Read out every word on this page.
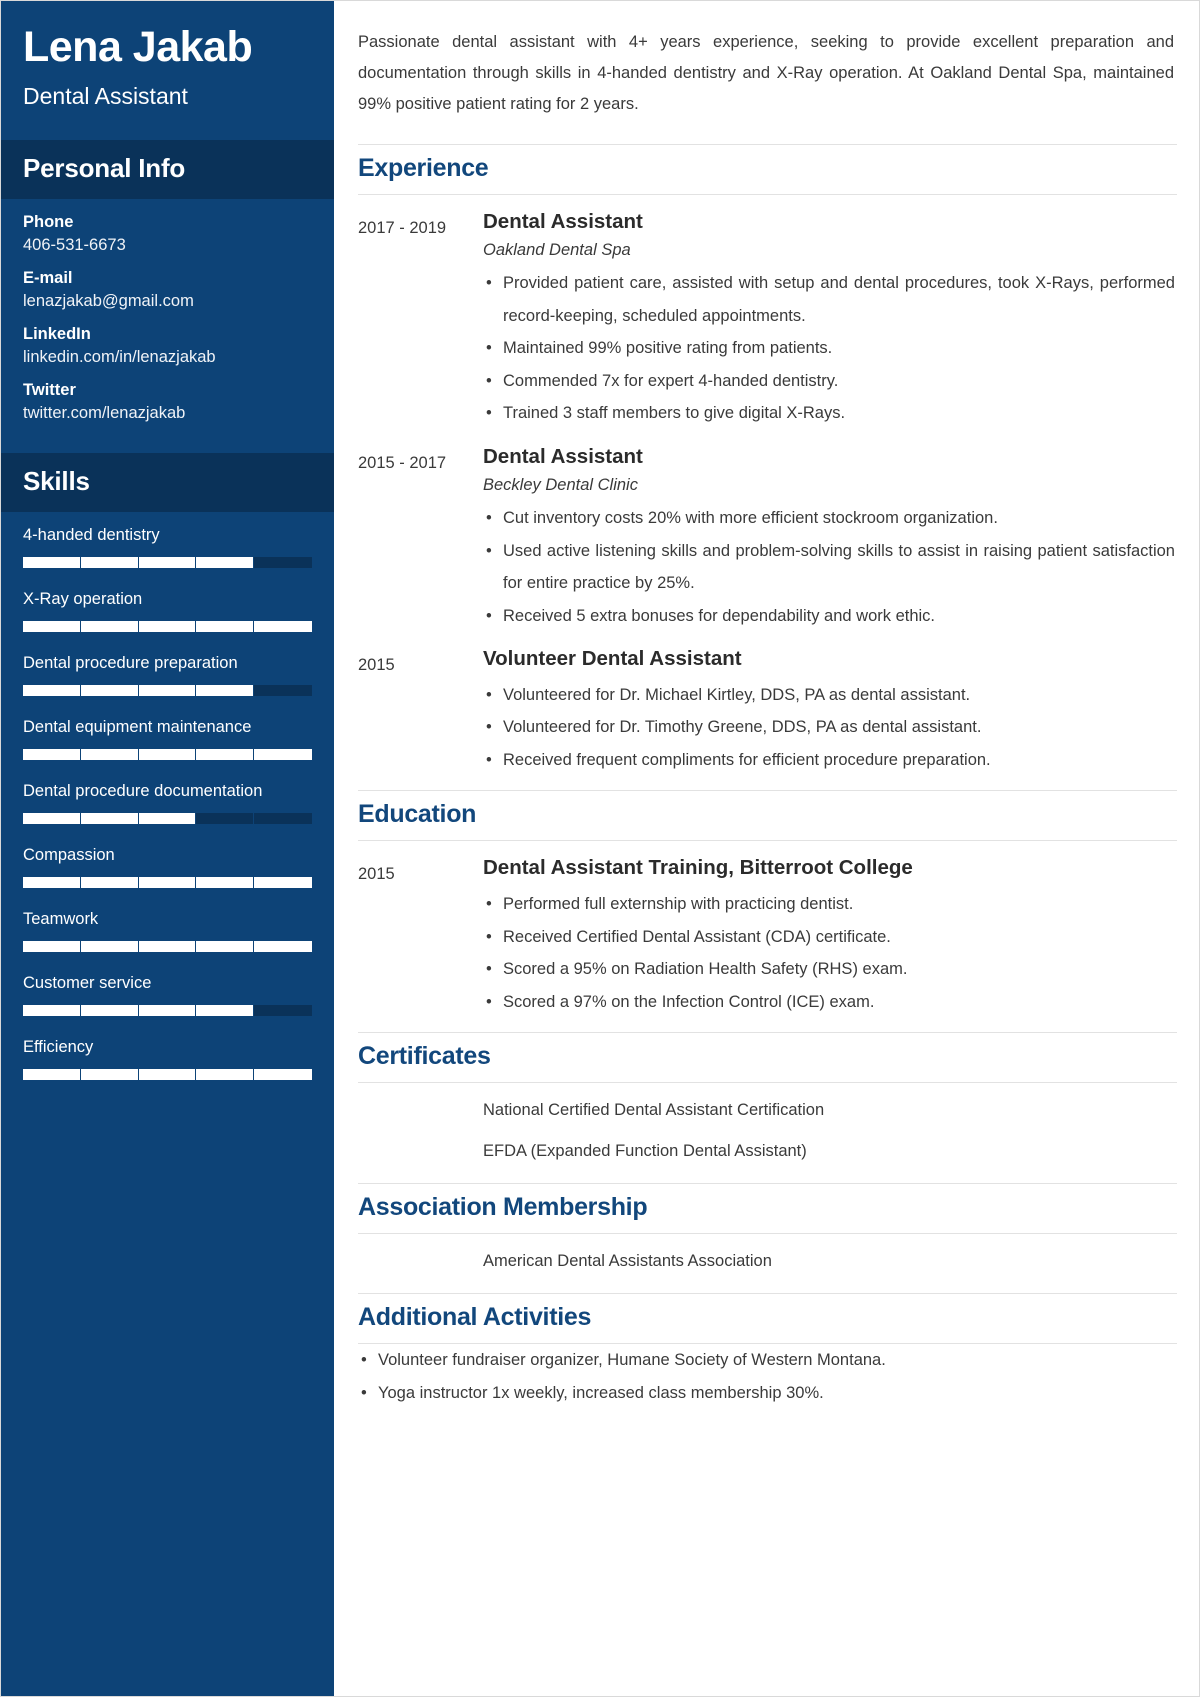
Lena Jakab
Dental Assistant
Personal Info
Phone
406-531-6673
E-mail
lenazjakab@gmail.com
LinkedIn
linkedin.com/in/lenazjakab
Twitter
twitter.com/lenazjakab
Skills
4-handed dentistry
X-Ray operation
Dental procedure preparation
Dental equipment maintenance
Dental procedure documentation
Compassion
Teamwork
Customer service
Efficiency

Passionate dental assistant with 4+ years experience, seeking to provide excellent preparation and documentation through skills in 4-handed dentistry and X-Ray operation. At Oakland Dental Spa, maintained 99% positive patient rating for 2 years.

Experience
2017 - 2019	Dental Assistant
Oakland Dental Spa
• Provided patient care, assisted with setup and dental procedures, took X-Rays, performed record-keeping, scheduled appointments.
• Maintained 99% positive rating from patients.
• Commended 7x for expert 4-handed dentistry.
• Trained 3 staff members to give digital X-Rays.
2015 - 2017	Dental Assistant
Beckley Dental Clinic
• Cut inventory costs 20% with more efficient stockroom organization.
• Used active listening skills and problem-solving skills to assist in raising patient satisfaction for entire practice by 25%.
• Received 5 extra bonuses for dependability and work ethic.
2015	Volunteer Dental Assistant
• Volunteered for Dr. Michael Kirtley, DDS, PA as dental assistant.
• Volunteered for Dr. Timothy Greene, DDS, PA as dental assistant.
• Received frequent compliments for efficient procedure preparation.
Education
2015	Dental Assistant Training, Bitterroot College
• Performed full externship with practicing dentist.
• Received Certified Dental Assistant (CDA) certificate.
• Scored a 95% on Radiation Health Safety (RHS) exam.
• Scored a 97% on the Infection Control (ICE) exam.
Certificates
National Certified Dental Assistant Certification
EFDA (Expanded Function Dental Assistant)
Association Membership
American Dental Assistants Association
Additional Activities
• Volunteer fundraiser organizer, Humane Society of Western Montana.
• Yoga instructor 1x weekly, increased class membership 30%.
